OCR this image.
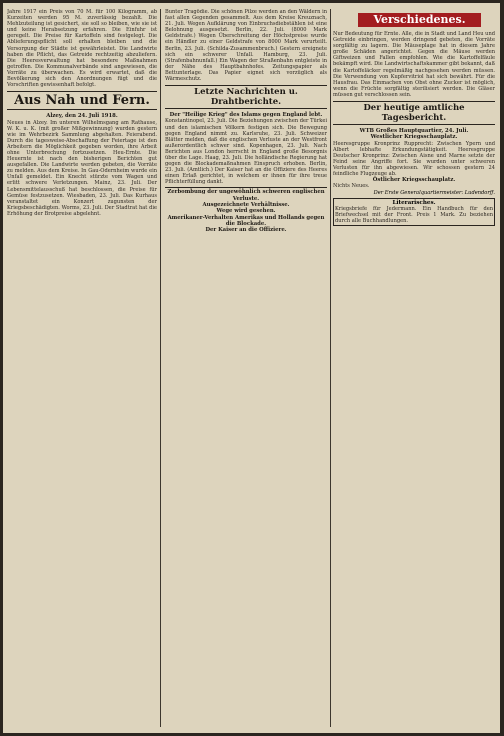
Jahre 1917 ein Preis von 70 M. für 100 Kilogramm, ab Kurzeiten werden 95 M. zuverlässig bezahlt. Die Mehlzuteilung ist gesichert, sie soll so bleiben, wie sie ist und keine Herabsetzung erfahren. Die Einfuhr ist geregelt. Die Preise für Kartoffeln sind festgelegt. Die Ablieferungspflicht soll erhalten bleiben und die Versorgung der Städte ist gewährleistet. Die Landwirte haben die Pflicht, das Getreide rechtzeitig abzuliefern. Die Heeresverwaltung hat besondere Maßnahmen getroffen. Die Kommunalverbände sind angewiesen, die Vorräte zu überwachen. Es wird erwartet, daß die Bevölkerung sich den Anordnungen fügt und die Vorschriften gewissenhaft befolgt.
Aus Nah und Fern.
Alzey, den 24. Juli 1918.
Neues in Alzey. Im unteren Wilhelmsgang am Rathause, W. K. u. K. (mit großer Mißgewinnung) wurden gestern wie im Wehrbezirk Sammlung abgehalten. Feierabend. Durch die tagesweise-Abschaffung der Feiertage ist den Arbeitern die Möglichkeit gegeben worden, ihre Arbeit ohne Unterbrechung fortzusetzen. Heu-Ernte. Die Heuernte ist nach den bisherigen Berichten gut ausgefallen. Die Landwirte werden gebeten, die Vorräte zu melden. Aus dem Kreise. In Gau-Odernheim wurde ein Unfall gemeldet. Ein Knecht stürzte vom Wagen und erlitt schwere Verletzungen. Mainz, 23. Juli. Der Lebensmittelausschuß hat beschlossen, die Preise für Gemüse festzusetzen. Wiesbaden, 23. Juli. Das Kurhaus veranstaltet ein Konzert zugunsten der Kriegsbeschädigten. Worms, 23. Juli. Der Stadtrat hat die Erhöhung der Brotpreise abgelehnt.
Bunter Tragödie. Die schönen Pilze werden an den Wäldern in fast allen Gegenden gesammelt. Aus dem Kreise Kreuznach, 21. Juli. Wegen Aufklärung von Einbruchsdiebstählen ist eine Belohnung ausgesetzt. Berlin, 22. Juli. (8000 Mark Geldstrafe.) Wegen Überschreitung der Höchstpreise wurde ein Händler zu einer Geldstrafe von 8000 Mark verurteilt. Berlin, 23. Juli. (Schilda-Zusammenbruch.) Gestern ereignete sich ein schwerer Unfall. Hamburg, 23. Juli. (Strafenbahnunfall.) Ein Wagen der Straßenbahn entgleiste in der Nähe des Hauptbahnhofes. Zeitungspapier als Bettunterlage. Das Papier eignet sich vorzüglich als Wärmeschutz.
Letzte Nachrichten u. Drahtberichte.
Der "Heilige Krieg" des Islams gegen England lebt.
Konstantinopel, 23. Juli. Die Beziehungen zwischen der Türkei und den islamischen Völkern festigen sich. Die Bewegung gegen England nimmt zu. Karlsruhe, 23. Juli. Schweizer Blätter melden, daß die englischen Verluste an der Westfront außerordentlich schwer sind. Kopenhagen, 23. Juli. Nach Berichten aus London herrscht in England große Besorgnis über die Lage. Haag, 23. Juli. Die holländische Regierung hat gegen die Blockademaßnahmen Einspruch erhoben. Berlin, 23. Juli. (Amtlich.) Der Kaiser hat an die Offiziere des Heeres einen Erlaß gerichtet, in welchem er ihnen für ihre treue Pflichterfüllung dankt.
Zerbombung der ungewöhnlich schweren englischen Verluste.
Ausgezeichnete Verhältnisse.
Wege wird gesehen.
Amerikaner-Verhalten Amerikas und Hollands gegen die Blockade.
Der Kaiser an die Offiziere.
Nur Bedeutung für Ernte. Alle, die in Stadt und Land Heu und Getreide einbringen, werden dringend gebeten, die Vorräte sorgfältig zu lagern. Die Mäuseplage hat in diesem Jahre große Schäden angerichtet. Gegen die Mäuse werden Giftweizen und Fallen empfohlen. Wie die Kartoffelfäule bekämpft wird. Die Landwirtschaftskammer gibt bekannt, daß die Kartoffeläcker regelmäßig nachgesehen werden müssen. Die Verwendung von Kupfervitriol hat sich bewährt. Für die Hausfrau. Das Einmachen von Obst ohne Zucker ist möglich, wenn die Früchte sorgfältig sterilisiert werden. Die Gläser müssen gut verschlossen sein.
Der heutige amtliche Tagesbericht.
WTB Großes Hauptquartier, 24. Juli.
Westlicher Kriegsschauplatz.
Heeresgruppe Kronprinz Rupprecht: Zwischen Ypern und Albert lebhafte Erkundungstätigkeit. Heeresgruppe Deutscher Kronprinz: Zwischen Aisne und Marne setzte der Feind seine Angriffe fort. Sie wurden unter schweren Verlusten für ihn abgewiesen. Wir schossen gestern 24 feindliche Flugzeuge ab.
Östlicher Kriegsschauplatz.
Nichts Neues.
Der Erste Generalquartiermeister: Ludendorff.
Literarisches.
Kriegsbriefe für Jedermann. Ein Handbuch für den Briefwechsel mit der Front. Preis 1 Mark. Zu beziehen durch alle Buchhandlungen.
Verschiedenes.
